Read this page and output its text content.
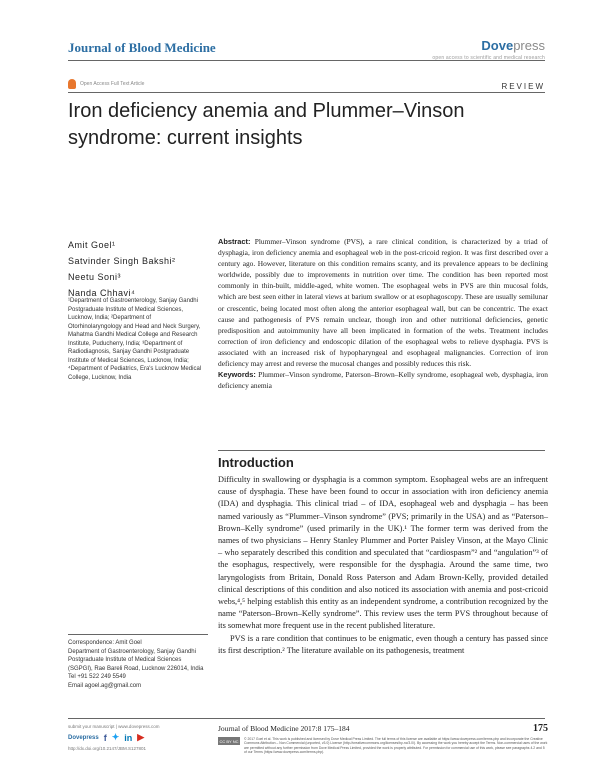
Journal of Blood Medicine	Dovepress
open access to scientific and medical research
Open Access Full Text Article	REVIEW
Iron deficiency anemia and Plummer–Vinson syndrome: current insights
Amit Goel¹
Satvinder Singh Bakshi²
Neetu Soni³
Nanda Chhavi⁴
¹Department of Gastroenterology, Sanjay Gandhi Postgraduate Institute of Medical Sciences, Lucknow, India; ²Department of Otorhinolaryngology and Head and Neck Surgery, Mahatma Gandhi Medical College and Research Institute, Puducherry, India; ³Department of Radiodiagnosis, Sanjay Gandhi Postgraduate Institute of Medical Sciences, Lucknow, India; ⁴Department of Pediatrics, Era's Lucknow Medical College, Lucknow, India
Abstract: Plummer–Vinson syndrome (PVS), a rare clinical condition, is characterized by a triad of dysphagia, iron deficiency anemia and esophageal web in the post-cricoid region. It was first described over a century ago. However, literature on this condition remains scanty, and its prevalence appears to be declining worldwide, possibly due to improvements in nutrition over time. The condition has been reported most commonly in thin-built, middle-aged, white women. The esophageal webs in PVS are thin mucosal folds, which are best seen either in lateral views at barium swallow or at esophagoscopy. These are usually semilunar or crescentic, being located most often along the anterior esophageal wall, but can be concentric. The exact cause and pathogenesis of PVS remain unclear, though iron and other nutritional deficiencies, genetic predisposition and autoimmunity have all been implicated in formation of the webs. Treatment includes correction of iron deficiency and endoscopic dilation of the esophageal webs to relieve dysphagia. PVS is associated with an increased risk of hypopharyngeal and esophageal malignancies. Correction of iron deficiency may arrest and reverse the mucosal changes and possibly reduces this risk.
Keywords: Plummer–Vinson syndrome, Paterson–Brown–Kelly syndrome, esophageal web, dysphagia, iron deficiency anemia
Introduction

Difficulty in swallowing or dysphagia is a common symptom. Esophageal webs are an infrequent cause of dysphagia. These have been found to occur in association with iron deficiency anemia (IDA) and dysphagia. This clinical triad – of IDA, esophageal web and dysphagia – has been named variously as “Plummer–Vinson syndrome” (PVS; primarily in the USA) and as “Paterson–Brown–Kelly syndrome” (used primarily in the UK).¹ The former term was derived from the names of two physicians – Henry Stanley Plummer and Porter Paisley Vinson, at the Mayo Clinic – who separately described this condition and speculated that “cardiospasm”² and “angulation”³ of the esophagus, respectively, were responsible for the dysphagia. Around the same time, two laryngologists from Britain, Donald Ross Paterson and Adam Brown-Kelly, provided detailed clinical descriptions of this condition and also noticed its association with anemia and post-cricoid webs,⁴,⁵ helping establish this entity as an independent syndrome, a contribution recognized by the name “Paterson–Brown–Kelly syndrome”. This review uses the term PVS throughout because of its somewhat more frequent use in the recent published literature.

PVS is a rare condition that continues to be enigmatic, even though a century has passed since its first description.² The literature available on its pathogenesis, treatment

Correspondence: Amit Goel
Department of Gastroenterology, Sanjay Gandhi Postgraduate Institute of Medical Sciences (SGPGI), Rae Bareli Road, Lucknow 226014, India
Tel +91 522 249 5549
Email agoel.ag@gmail.com
submit your manuscript | www.dovepress.com
Dovepress f ✦ in ▶
http://dx.doi.org/10.2147/JBM.S127801
Journal of Blood Medicine 2017:8 175–184	175
CC BY NC	© 2017 Goel et al. This work is published and licensed by Dove Medical Press Limited. The full terms of this license are available at https://www.dovepress.com/terms.php and incorporate the Creative Commons Attribution – Non Commercial (unported, v3.0) License (http://creativecommons.org/licenses/by-nc/3.0/). By accessing the work you hereby accept the Terms. Non-commercial uses of the work are permitted without any further permission from Dove Medical Press Limited, provided the work is properly attributed. For permission for commercial use of this work, please see paragraphs 4.2 and 5 of our Terms (https://www.dovepress.com/terms.php).
